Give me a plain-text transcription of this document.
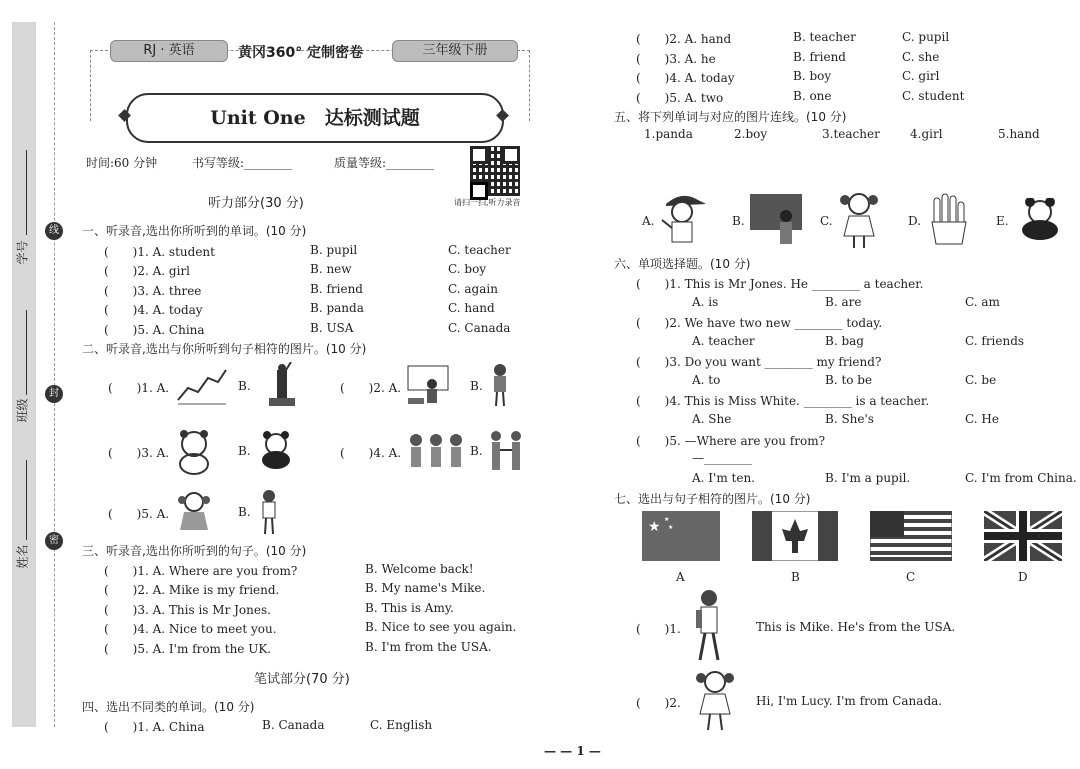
线
封
密
学号
班级
姓名
RJ · 英语	黄冈360° 定制密卷	三年级下册
Unit One　达标测试题
时间:60 分钟	书写等级:________	质量等级:________
请扫一扫,听力录音
听力部分(30 分)
一、听录音,选出你所听到的单词。(10 分)
(　　)1. A. student	B. pupil	C. teacher
(　　)2. A. girl	B. new	C. boy
(　　)3. A. three	B. friend	C. again
(　　)4. A. today	B. panda	C. hand
(　　)5. A. China	B. USA	C. Canada
二、听录音,选出与你所听到句子相符的图片。(10 分)
(　　)1. A.	B.	(　　)2. A.	B.
(　　)3. A.	B.	(　　)4. A.	B.
(　　)5. A.	B.
三、听录音,选出你所听到的句子。(10 分)
(　　)1. A. Where are you from?	B. Welcome back!
(　　)2. A. Mike is my friend.	B. My name's Mike.
(　　)3. A. This is Mr Jones.	B. This is Amy.
(　　)4. A. Nice to meet you.	B. Nice to see you again.
(　　)5. A. I'm from the UK.	B. I'm from the USA.
笔试部分(70 分)
四、选出不同类的单词。(10 分)
(　　)1. A. China	B. Canada	C. English
(　　)2. A. hand	B. teacher	C. pupil
(　　)3. A. he	B. friend	C. she
(　　)4. A. today	B. boy	C. girl
(　　)5. A. two	B. one	C. student
五、将下列单词与对应的图片连线。(10 分)
1.panda	2.boy	3.teacher	4.girl	5.hand
A.	B.	C.	D.	E.
六、单项选择题。(10 分)
(　　)1. This is Mr Jones. He ________ a teacher.
A. is	B. are	C. am
(　　)2. We have two new ________ today.
A. teacher	B. bag	C. friends
(　　)3. Do you want ________ my friend?
A. to	B. to be	C. be
(　　)4. This is Miss White. ________ is a teacher.
A. She	B. She's	C. He
(　　)5. —Where are you from?
—________
A. I'm ten.	B. I'm a pupil.	C. I'm from China.
七、选出与句子相符的图片。(10 分)
★ ★
★
A	B	C	D
(　　)1.	This is Mike. He's from the USA.
(　　)2.	Hi, I'm Lucy. I'm from Canada.
— — 1 —
